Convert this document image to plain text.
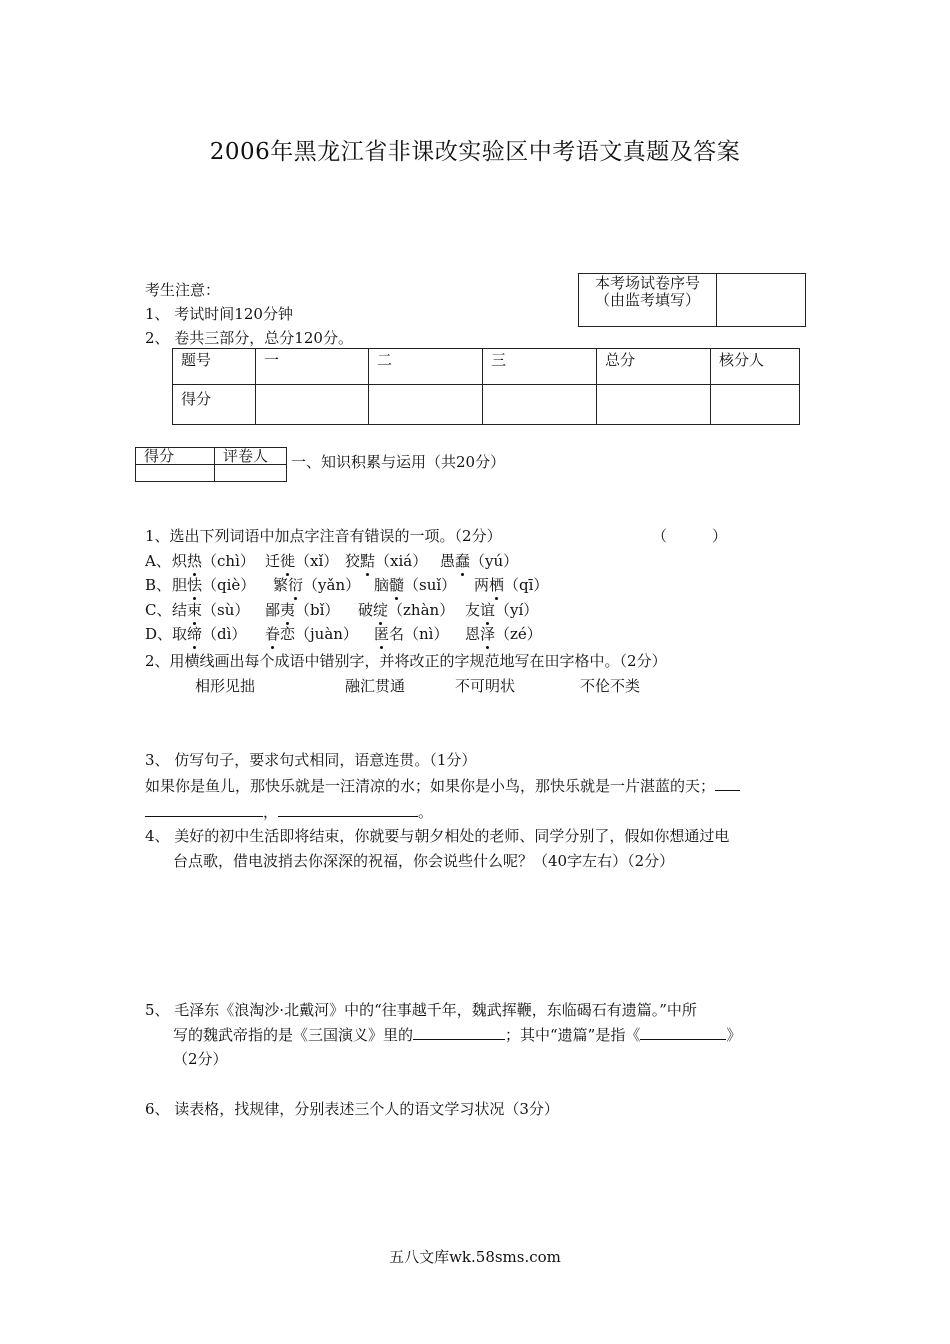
2006年黑龙江省非课改实验区中考语文真题及答案
考生注意：
1、 考试时间120分钟
2、 卷共三部分，总分120分。
本考场试卷序号
（由监考填写）

题号	一	二	三	总分	核分人
得分					
得分	评卷人
	一、知识积累与运用（共20分）
1、选出下列词语中加点字注音有错误的一项。（2分）	（　　　）
A、 炽热（chì） 迁徙（xǐ） 狡黠（xiá） 愚蠢（yú）
B、 胆怯（qiè） 繁衍（yǎn） 脑髓（suǐ） 两栖（qī）
C、 结束（sù） 鄙夷（bǐ） 破绽（zhàn） 友谊（yí）
D、 取缔（dì） 眷恋（juàn） 匿名（nì） 恩泽（zé）
2、用横线画出每个成语中错别字，并将改正的字规范地写在田字格中。（2分）
相形见拙	融汇贯通	不可明状	不伦不类
3、 仿写句子，要求句式相同，语意连贯。（1分）
如果你是鱼儿，那快乐就是一汪清凉的水；如果你是小鸟，那快乐就是一片湛蓝的天；
，	。
4、 美好的初中生活即将结束，你就要与朝夕相处的老师、同学分别了，假如你想通过电
台点歌，借电波捎去你深深的祝福，你会说些什么呢？（40字左右）（2分）
5、 毛泽东《浪淘沙·北戴河》中的“往事越千年，魏武挥鞭，东临碣石有遗篇。”中所
写的魏武帝指的是《三国演义》里的	；其中“遗篇”是指《	》
（2分）
6、 读表格，找规律，分别表述三个人的语文学习状况（3分）
五八文库wk.58sms.com
